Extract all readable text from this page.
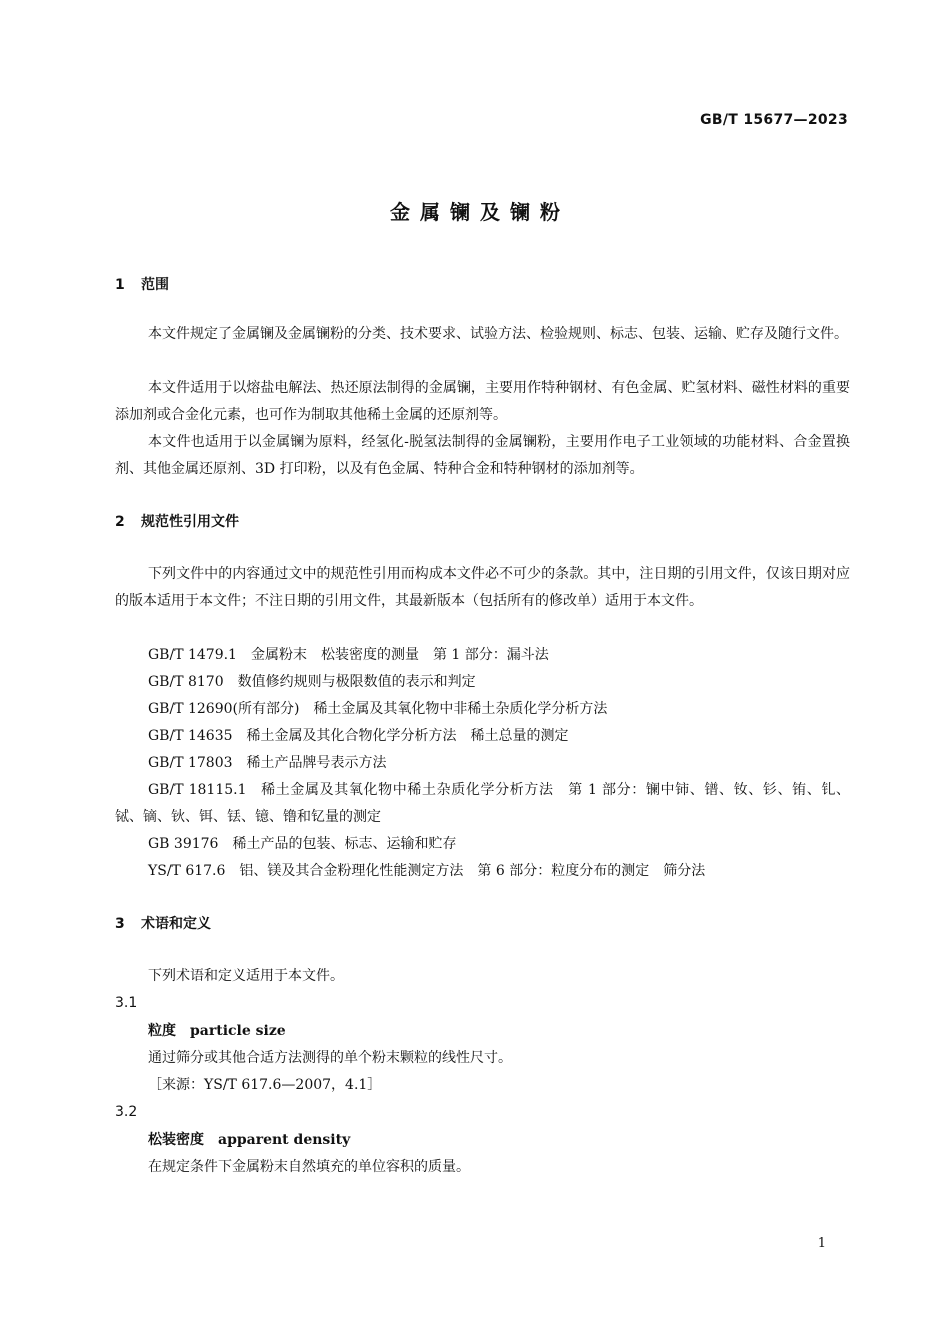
GB/T 15677—2023
金属镧及镧粉
1 范围

本文件规定了金属镧及金属镧粉的分类、技术要求、试验方法、检验规则、标志、包装、运输、贮存及随行文件。

本文件适用于以熔盐电解法、热还原法制得的金属镧，主要用作特种钢材、有色金属、贮氢材料、磁性材料的重要添加剂或合金化元素，也可作为制取其他稀土金属的还原剂等。

本文件也适用于以金属镧为原料，经氢化-脱氢法制得的金属镧粉，主要用作电子工业领域的功能材料、合金置换剂、其他金属还原剂、3D 打印粉，以及有色金属、特种合金和特种钢材的添加剂等。

2 规范性引用文件

下列文件中的内容通过文中的规范性引用而构成本文件必不可少的条款。其中，注日期的引用文件，仅该日期对应的版本适用于本文件；不注日期的引用文件，其最新版本（包括所有的修改单）适用于本文件。

GB/T 1479.1 金属粉末　松装密度的测量　第 1 部分：漏斗法

GB/T 8170 数值修约规则与极限数值的表示和判定

GB/T 12690(所有部分) 稀土金属及其氧化物中非稀土杂质化学分析方法

GB/T 14635 稀土金属及其化合物化学分析方法　稀土总量的测定

GB/T 17803 稀土产品牌号表示方法

GB/T 18115.1 稀土金属及其氧化物中稀土杂质化学分析方法　第 1 部分：镧中铈、镨、钕、钐、铕、钆、铽、镝、钬、铒、铥、镱、镥和钇量的测定

GB 39176 稀土产品的包装、标志、运输和贮存

YS/T 617.6 铝、镁及其合金粉理化性能测定方法　第 6 部分：粒度分布的测定　筛分法

3 术语和定义

下列术语和定义适用于本文件。

3.1
粒度 particle size
通过筛分或其他合适方法测得的单个粉末颗粒的线性尺寸。
［来源：YS/T 617.6—2007，4.1］
3.2
松装密度 apparent density
在规定条件下金属粉末自然填充的单位容积的质量。
1
